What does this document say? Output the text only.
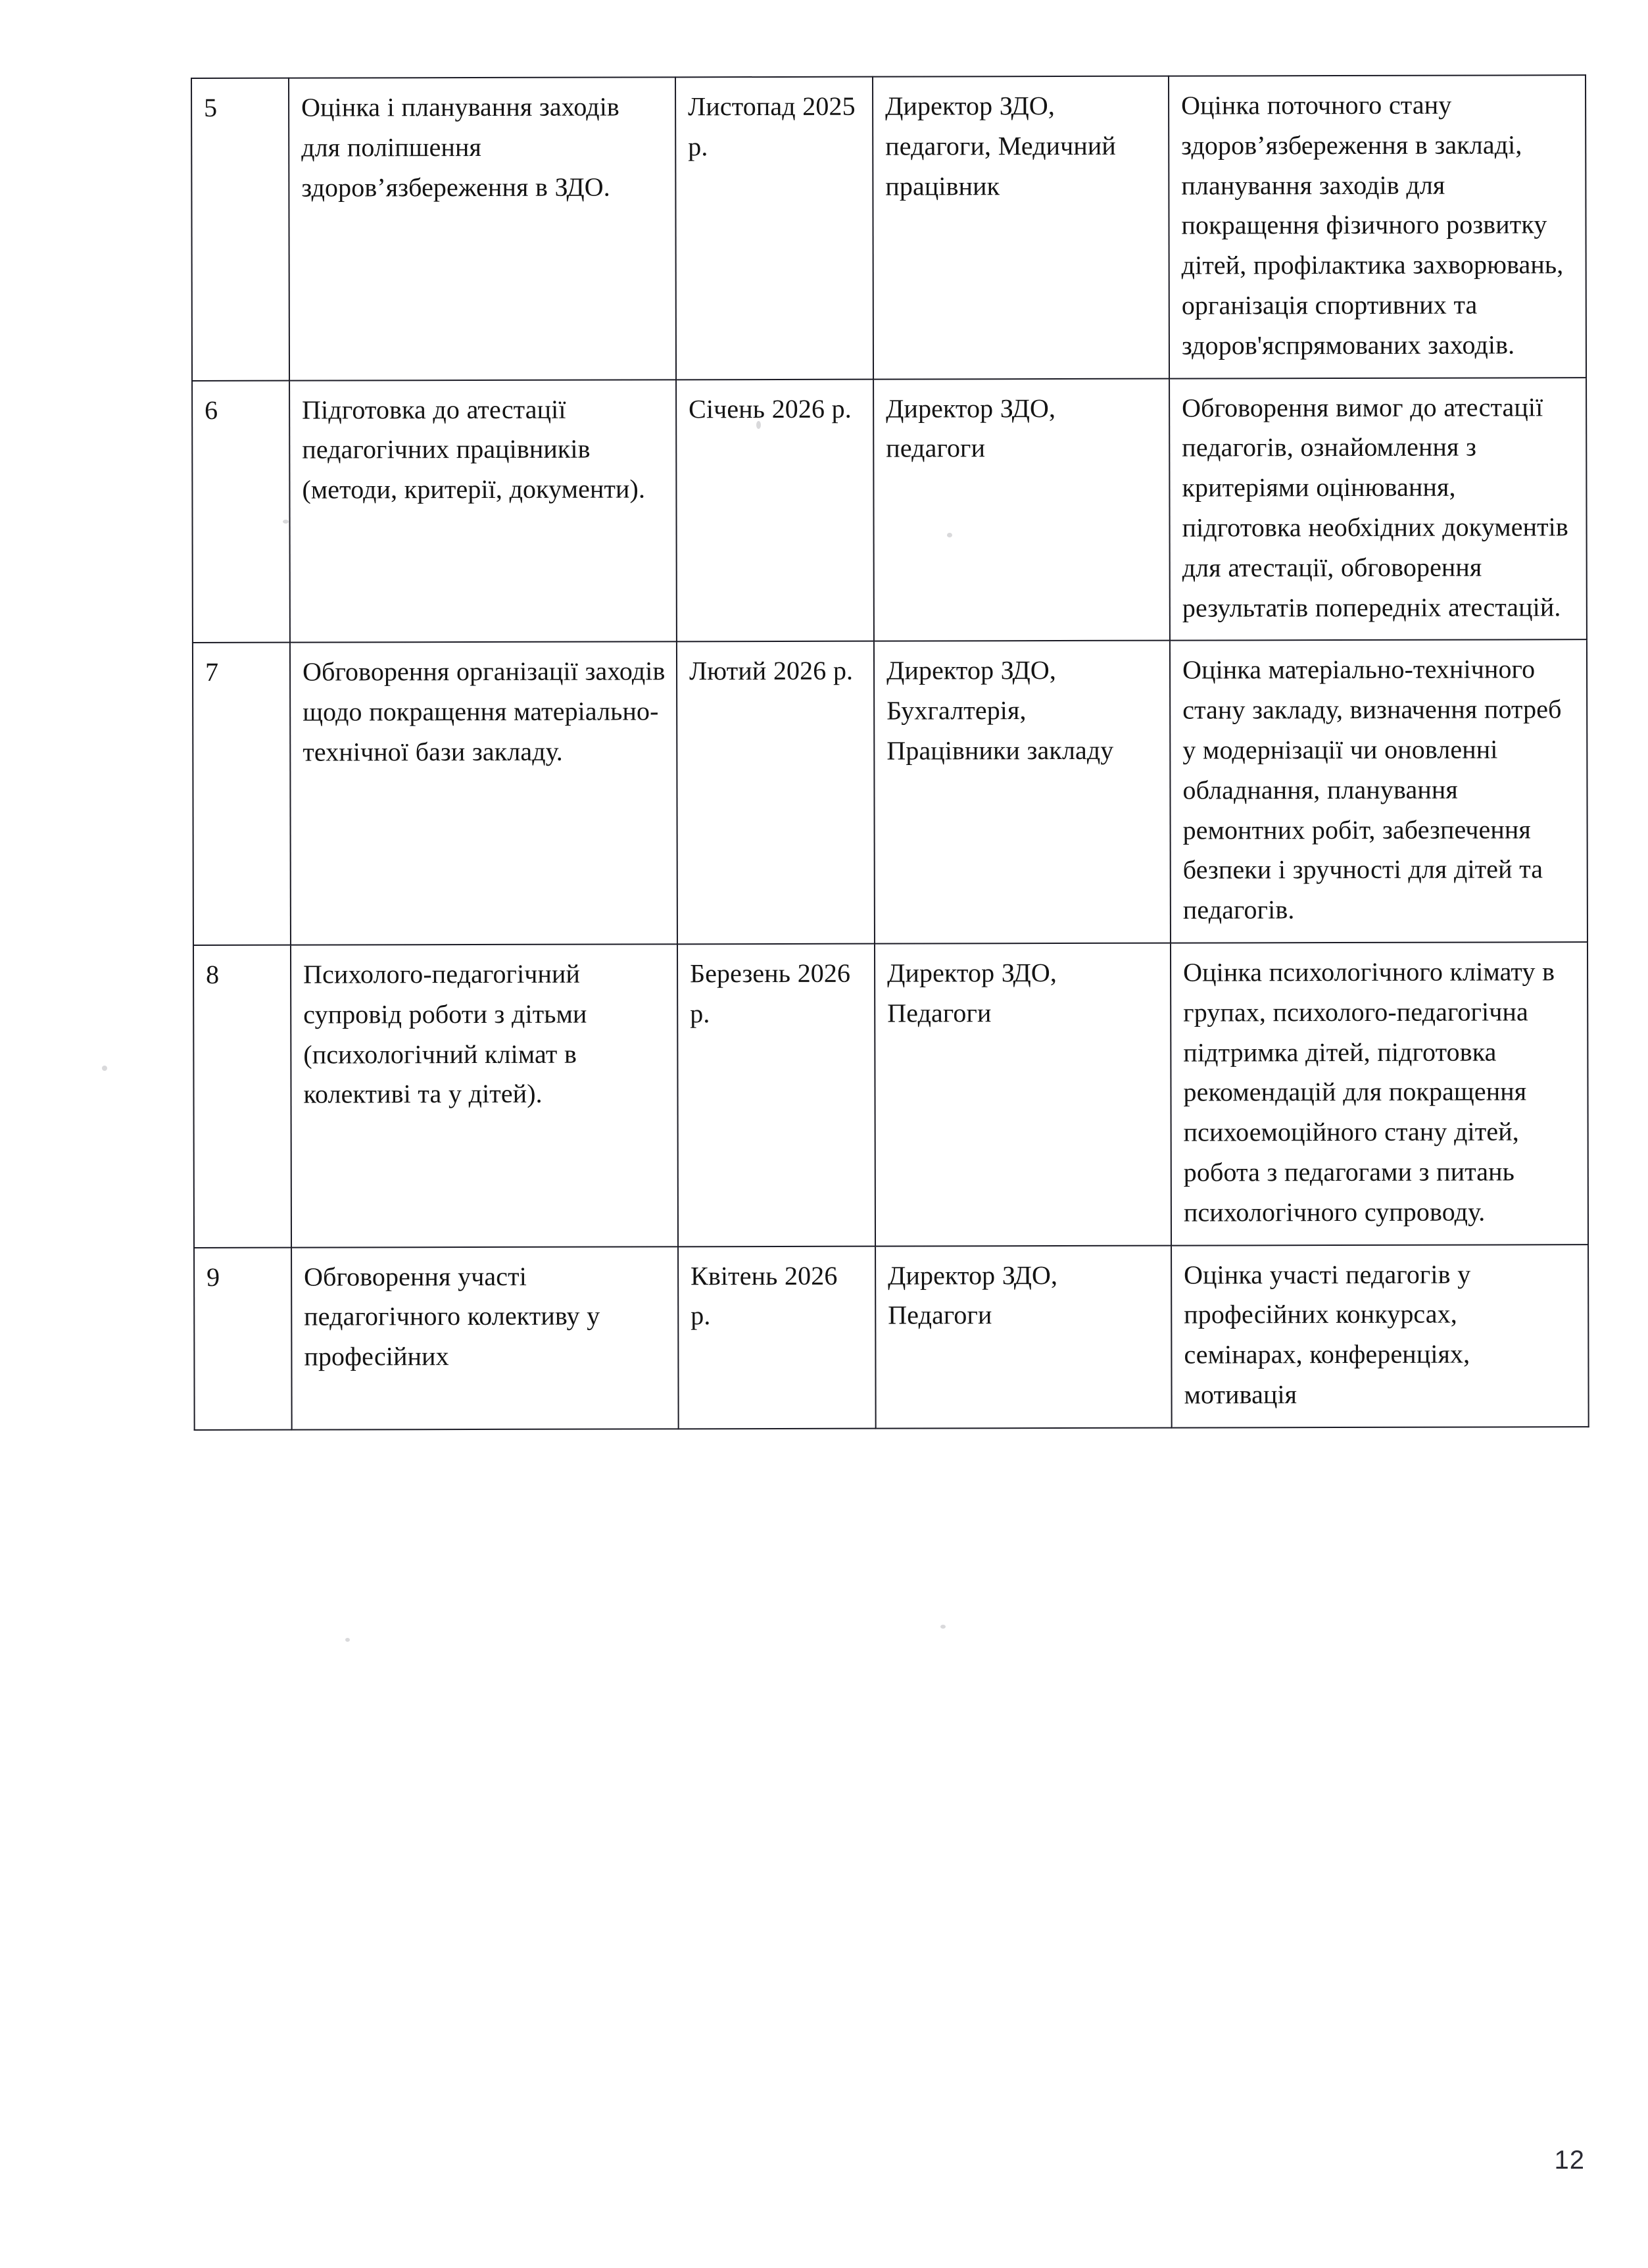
5	Оцінка і планування заходів для поліпшення здоров’язбереження в ЗДО.	Листопад 2025 р.	Директор ЗДО, педагоги, Медичний працівник	Оцінка поточного стану здоров’язбереження в закладі, планування заходів для покращення фізичного розвитку дітей, профілактика захворювань, організація спортивних та здоров'яспрямованих заходів.
6	Підготовка до атестації педагогічних працівників (методи, критерії, документи).	Січень 2026 р.	Директор ЗДО, педагоги	Обговорення вимог до атестації педагогів, ознайомлення з критеріями оцінювання, підготовка необхідних документів для атестації, обговорення результатів попередніх атестацій.
7	Обговорення організації заходів щодо покращення матеріально-технічної бази закладу.	Лютий 2026 р.	Директор ЗДО, Бухгалтерія, Працівники закладу	Оцінка матеріально-технічного стану закладу, визначення потреб у модернізації чи оновленні обладнання, планування ремонтних робіт, забезпечення безпеки і зручності для дітей та педагогів.
8	Психолого-педагогічний супровід роботи з дітьми (психологічний клімат в колективі та у дітей).	Березень 2026 р.	Директор ЗДО, Педагоги	Оцінка психологічного клімату в групах, психолого-педагогічна підтримка дітей, підготовка рекомендацій для покращення психоемоційного стану дітей, робота з педагогами з питань психологічного супроводу.
9	Обговорення участі педагогічного колективу у професійних	Квітень 2026 р.	Директор ЗДО, Педагоги	Оцінка участі педагогів у професійних конкурсах, семінарах, конференціях, мотивація
12
